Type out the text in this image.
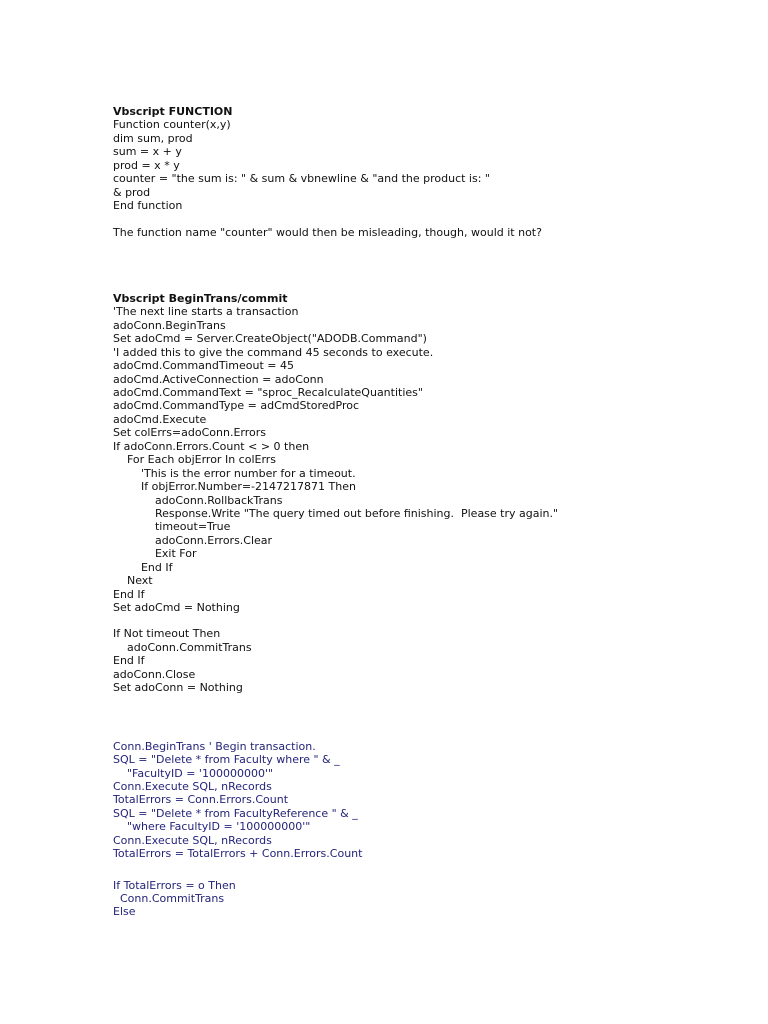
Vbscript FUNCTION
Function counter(x,y)
dim sum, prod
sum = x + y
prod = x * y
counter = "the sum is: " & sum & vbnewline & "and the product is: "
& prod
End function
The function name "counter" would then be misleading, though, would it not?
Vbscript BeginTrans/commit
'The next line starts a transaction
adoConn.BeginTrans
Set adoCmd = Server.CreateObject("ADODB.Command")
'I added this to give the command 45 seconds to execute.
adoCmd.CommandTimeout = 45
adoCmd.ActiveConnection = adoConn
adoCmd.CommandText = "sproc_RecalculateQuantities"
adoCmd.CommandType = adCmdStoredProc
adoCmd.Execute
Set colErrs=adoConn.Errors
If adoConn.Errors.Count < > 0 then
For Each objError In colErrs
'This is the error number for a timeout.
If objError.Number=-2147217871 Then
adoConn.RollbackTrans
Response.Write "The query timed out before finishing.  Please try again."
timeout=True
adoConn.Errors.Clear
Exit For
End If
Next
End If
Set adoCmd = Nothing
If Not timeout Then
adoConn.CommitTrans
End If
adoConn.Close
Set adoConn = Nothing
Conn.BeginTrans ' Begin transaction.
SQL = "Delete * from Faculty where " & _
"FacultyID = '100000000'"
Conn.Execute SQL, nRecords
TotalErrors = Conn.Errors.Count
SQL = "Delete * from FacultyReference " & _
"where FacultyID = '100000000'"
Conn.Execute SQL, nRecords
TotalErrors = TotalErrors + Conn.Errors.Count
If TotalErrors = o Then
Conn.CommitTrans
Else
